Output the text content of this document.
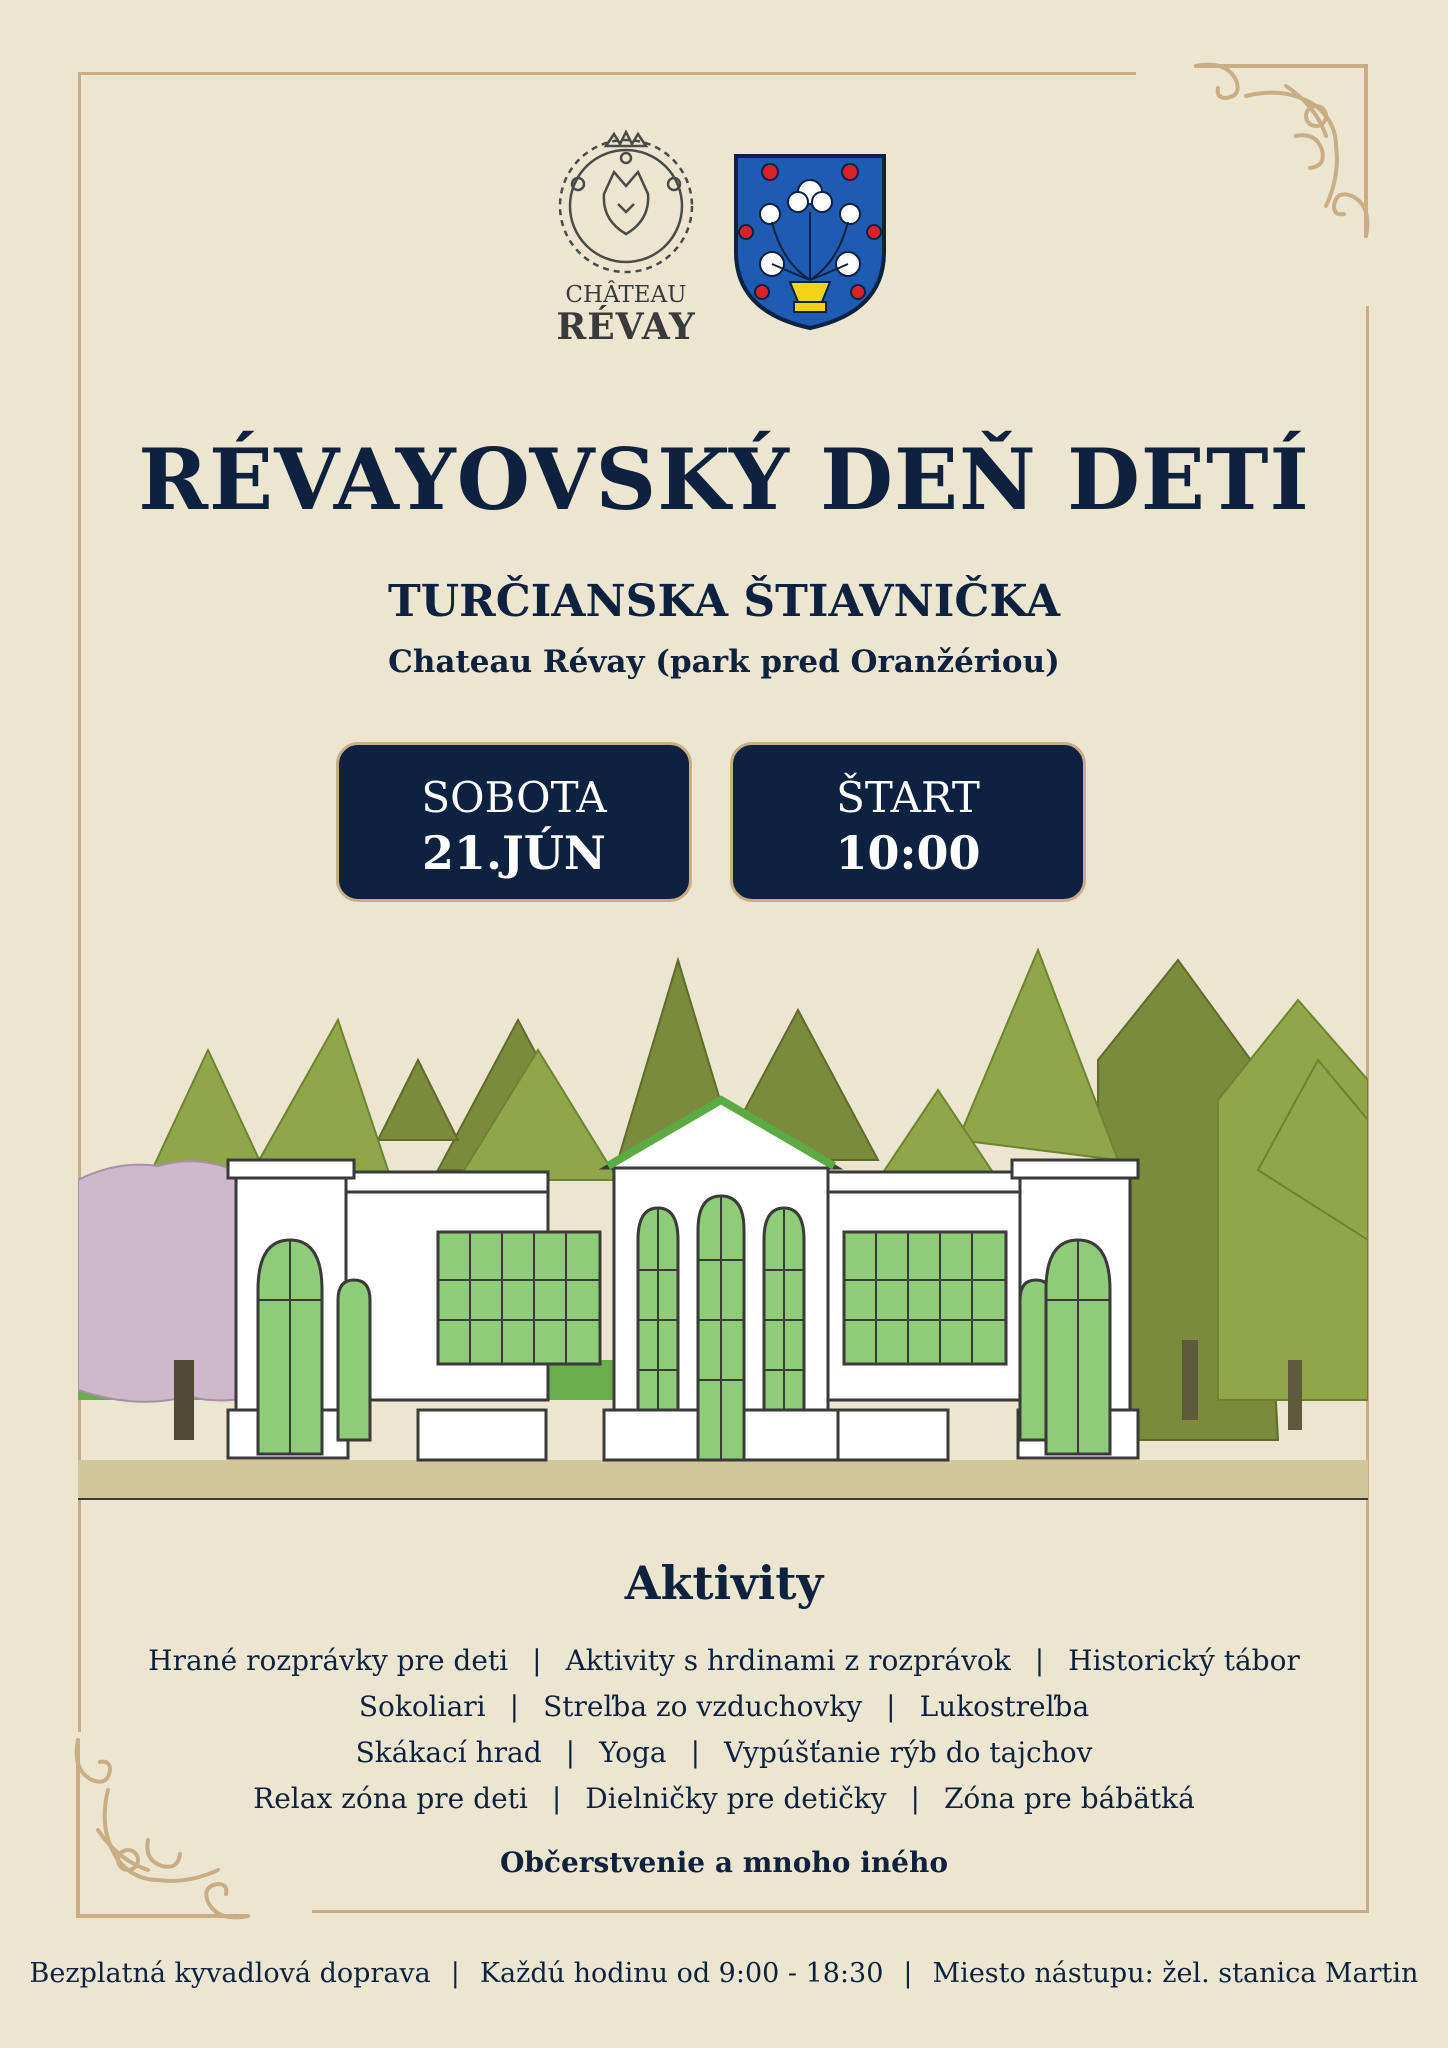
CHÂTEAU
RÉVAY
RÉVAYOVSKÝ DEŇ DETÍ
TURČIANSKA ŠTIAVNIČKA
Chateau Révay (park pred Oranžériou)
SOBOTA
21.JÚN
ŠTART
10:00
Aktivity
Hrané rozprávky pre deti | Aktivity s hrdinami z rozprávok | Historický tábor
Sokoliari | Streľba zo vzduchovky | Lukostreľba
Skákací hrad | Yoga | Vypúšťanie rýb do tajchov
Relax zóna pre deti | Dielničky pre detičky | Zóna pre bábätká
Občerstvenie a mnoho iného
Bezplatná kyvadlová doprava | Každú hodinu od 9:00 - 18:30 | Miesto nástupu: žel. stanica Martin
